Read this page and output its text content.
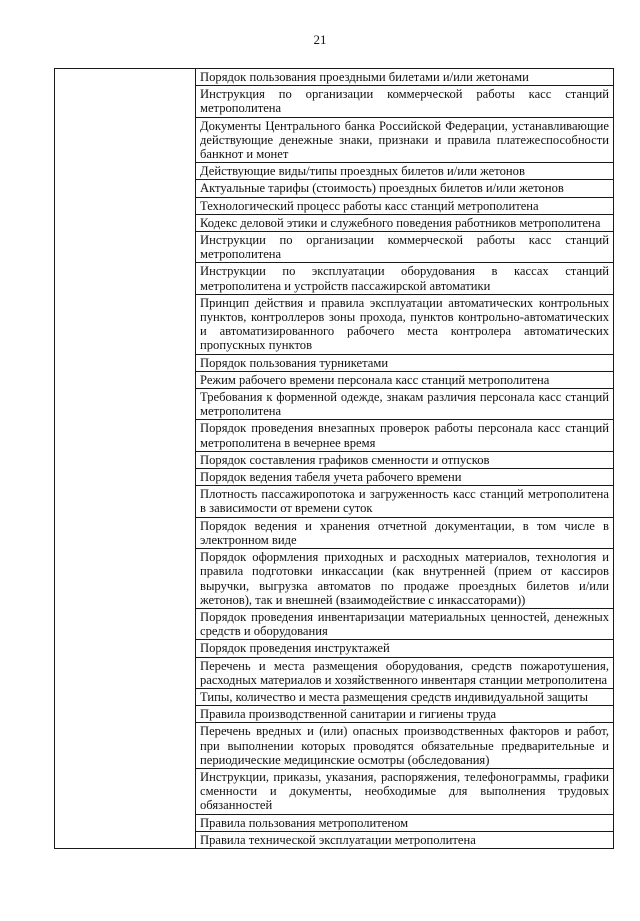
21
	Порядок пользования проездными билетами и/или жетонами
Инструкция по организации коммерческой работы касс станций метрополитена
Документы Центрального банка Российской Федерации, устанавливающие действующие денежные знаки, признаки и правила платежеспособности банкнот и монет
Действующие виды/типы проездных билетов и/или жетонов
Актуальные тарифы (стоимость) проездных билетов и/или жетонов
Технологический процесс работы касс станций метрополитена
Кодекс деловой этики и служебного поведения работников метрополитена
Инструкции по организации коммерческой работы касс станций метрополитена
Инструкции по эксплуатации оборудования в кассах станций метрополитена и устройств пассажирской автоматики
Принцип действия и правила эксплуатации автоматических контрольных пунктов, контроллеров зоны прохода, пунктов контрольно-автоматических и автоматизированного рабочего места контролера автоматических пропускных пунктов
Порядок пользования турникетами
Режим рабочего времени персонала касс станций метрополитена
Требования к форменной одежде, знакам различия персонала касс станций метрополитена
Порядок проведения внезапных проверок работы персонала касс станций метрополитена в вечернее время
Порядок составления графиков сменности и отпусков
Порядок ведения табеля учета рабочего времени
Плотность пассажиропотока и загруженность касс станций метрополитена в зависимости от времени суток
Порядок ведения и хранения отчетной документации, в том числе в электронном виде
Порядок оформления приходных и расходных материалов, технология и правила подготовки инкассации (как внутренней (прием от кассиров выручки, выгрузка автоматов по продаже проездных билетов и/или жетонов), так и внешней (взаимодействие с инкассаторами))
Порядок проведения инвентаризации материальных ценностей, денежных средств и оборудования
Порядок проведения инструктажей
Перечень и места размещения оборудования, средств пожаротушения, расходных материалов и хозяйственного инвентаря станции метрополитена
Типы, количество и места размещения средств индивидуальной защиты
Правила производственной санитарии и гигиены труда
Перечень вредных и (или) опасных производственных факторов и работ, при выполнении которых проводятся обязательные предварительные и периодические медицинские осмотры (обследования)
Инструкции, приказы, указания, распоряжения, телефонограммы, графики сменности и документы, необходимые для выполнения трудовых обязанностей
Правила пользования метрополитеном
Правила технической эксплуатации метрополитена
